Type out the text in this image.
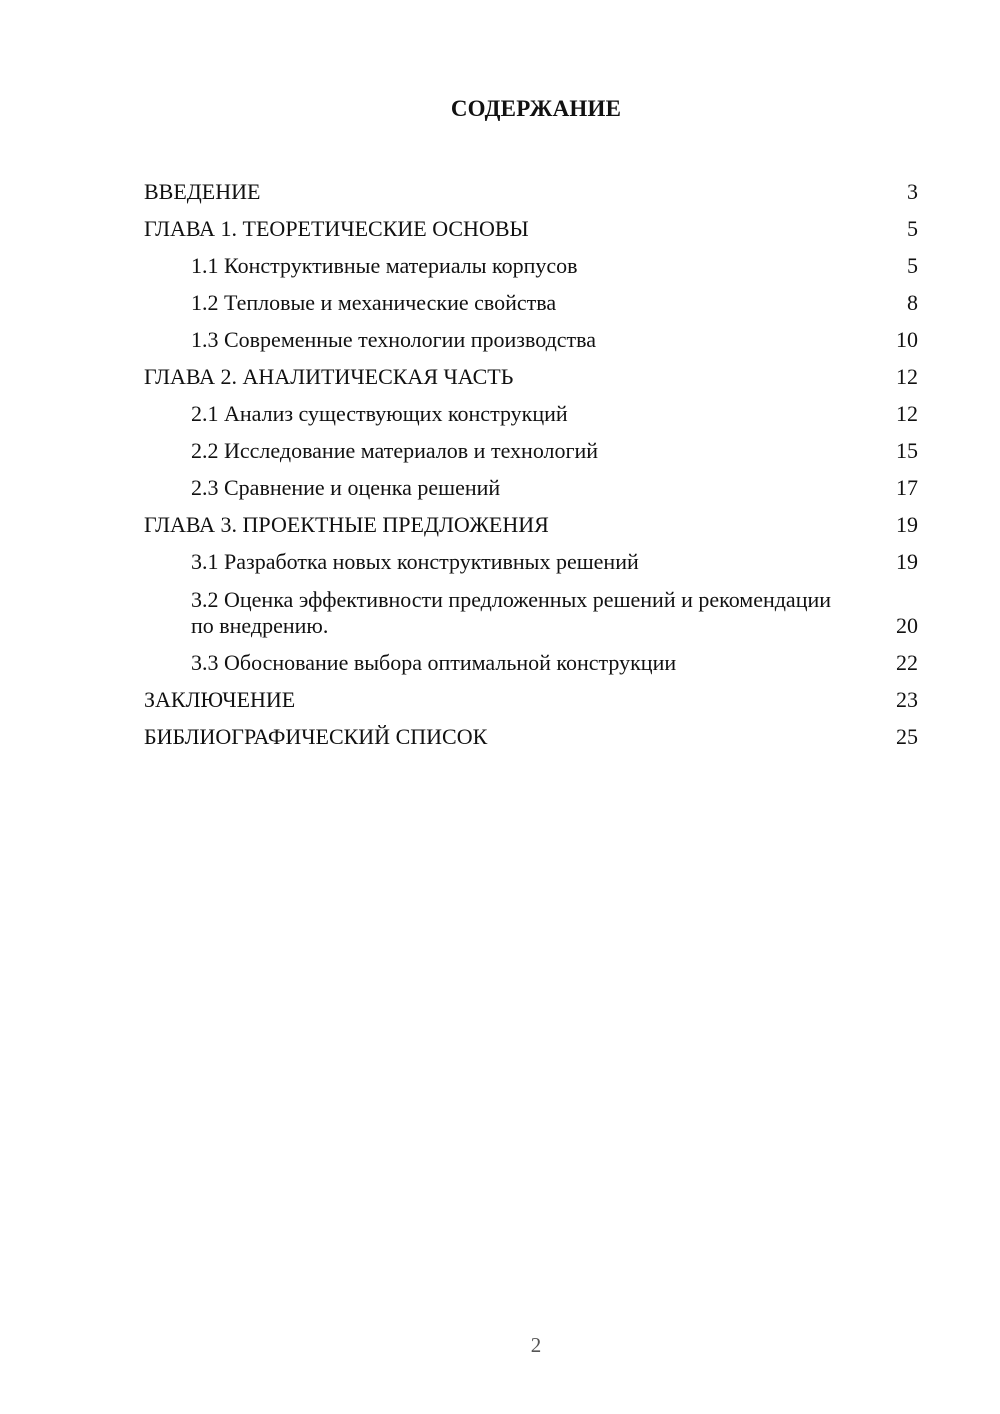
СОДЕРЖАНИЕ
ВВЕДЕНИЕ	3
ГЛАВА 1. ТЕОРЕТИЧЕСКИЕ ОСНОВЫ	5
1.1 Конструктивные материалы корпусов	5
1.2 Тепловые и механические свойства	8
1.3 Современные технологии производства	10
ГЛАВА 2. АНАЛИТИЧЕСКАЯ ЧАСТЬ	12
2.1 Анализ существующих конструкций	12
2.2 Исследование материалов и технологий	15
2.3 Сравнение и оценка решений	17
ГЛАВА 3. ПРОЕКТНЫЕ ПРЕДЛОЖЕНИЯ	19
3.1 Разработка новых конструктивных решений	19
3.2 Оценка эффективности предложенных решений и рекомендации по внедрению.	20
3.3 Обоснование выбора оптимальной конструкции	22
ЗАКЛЮЧЕНИЕ	23
БИБЛИОГРАФИЧЕСКИЙ СПИСОК	25
2
